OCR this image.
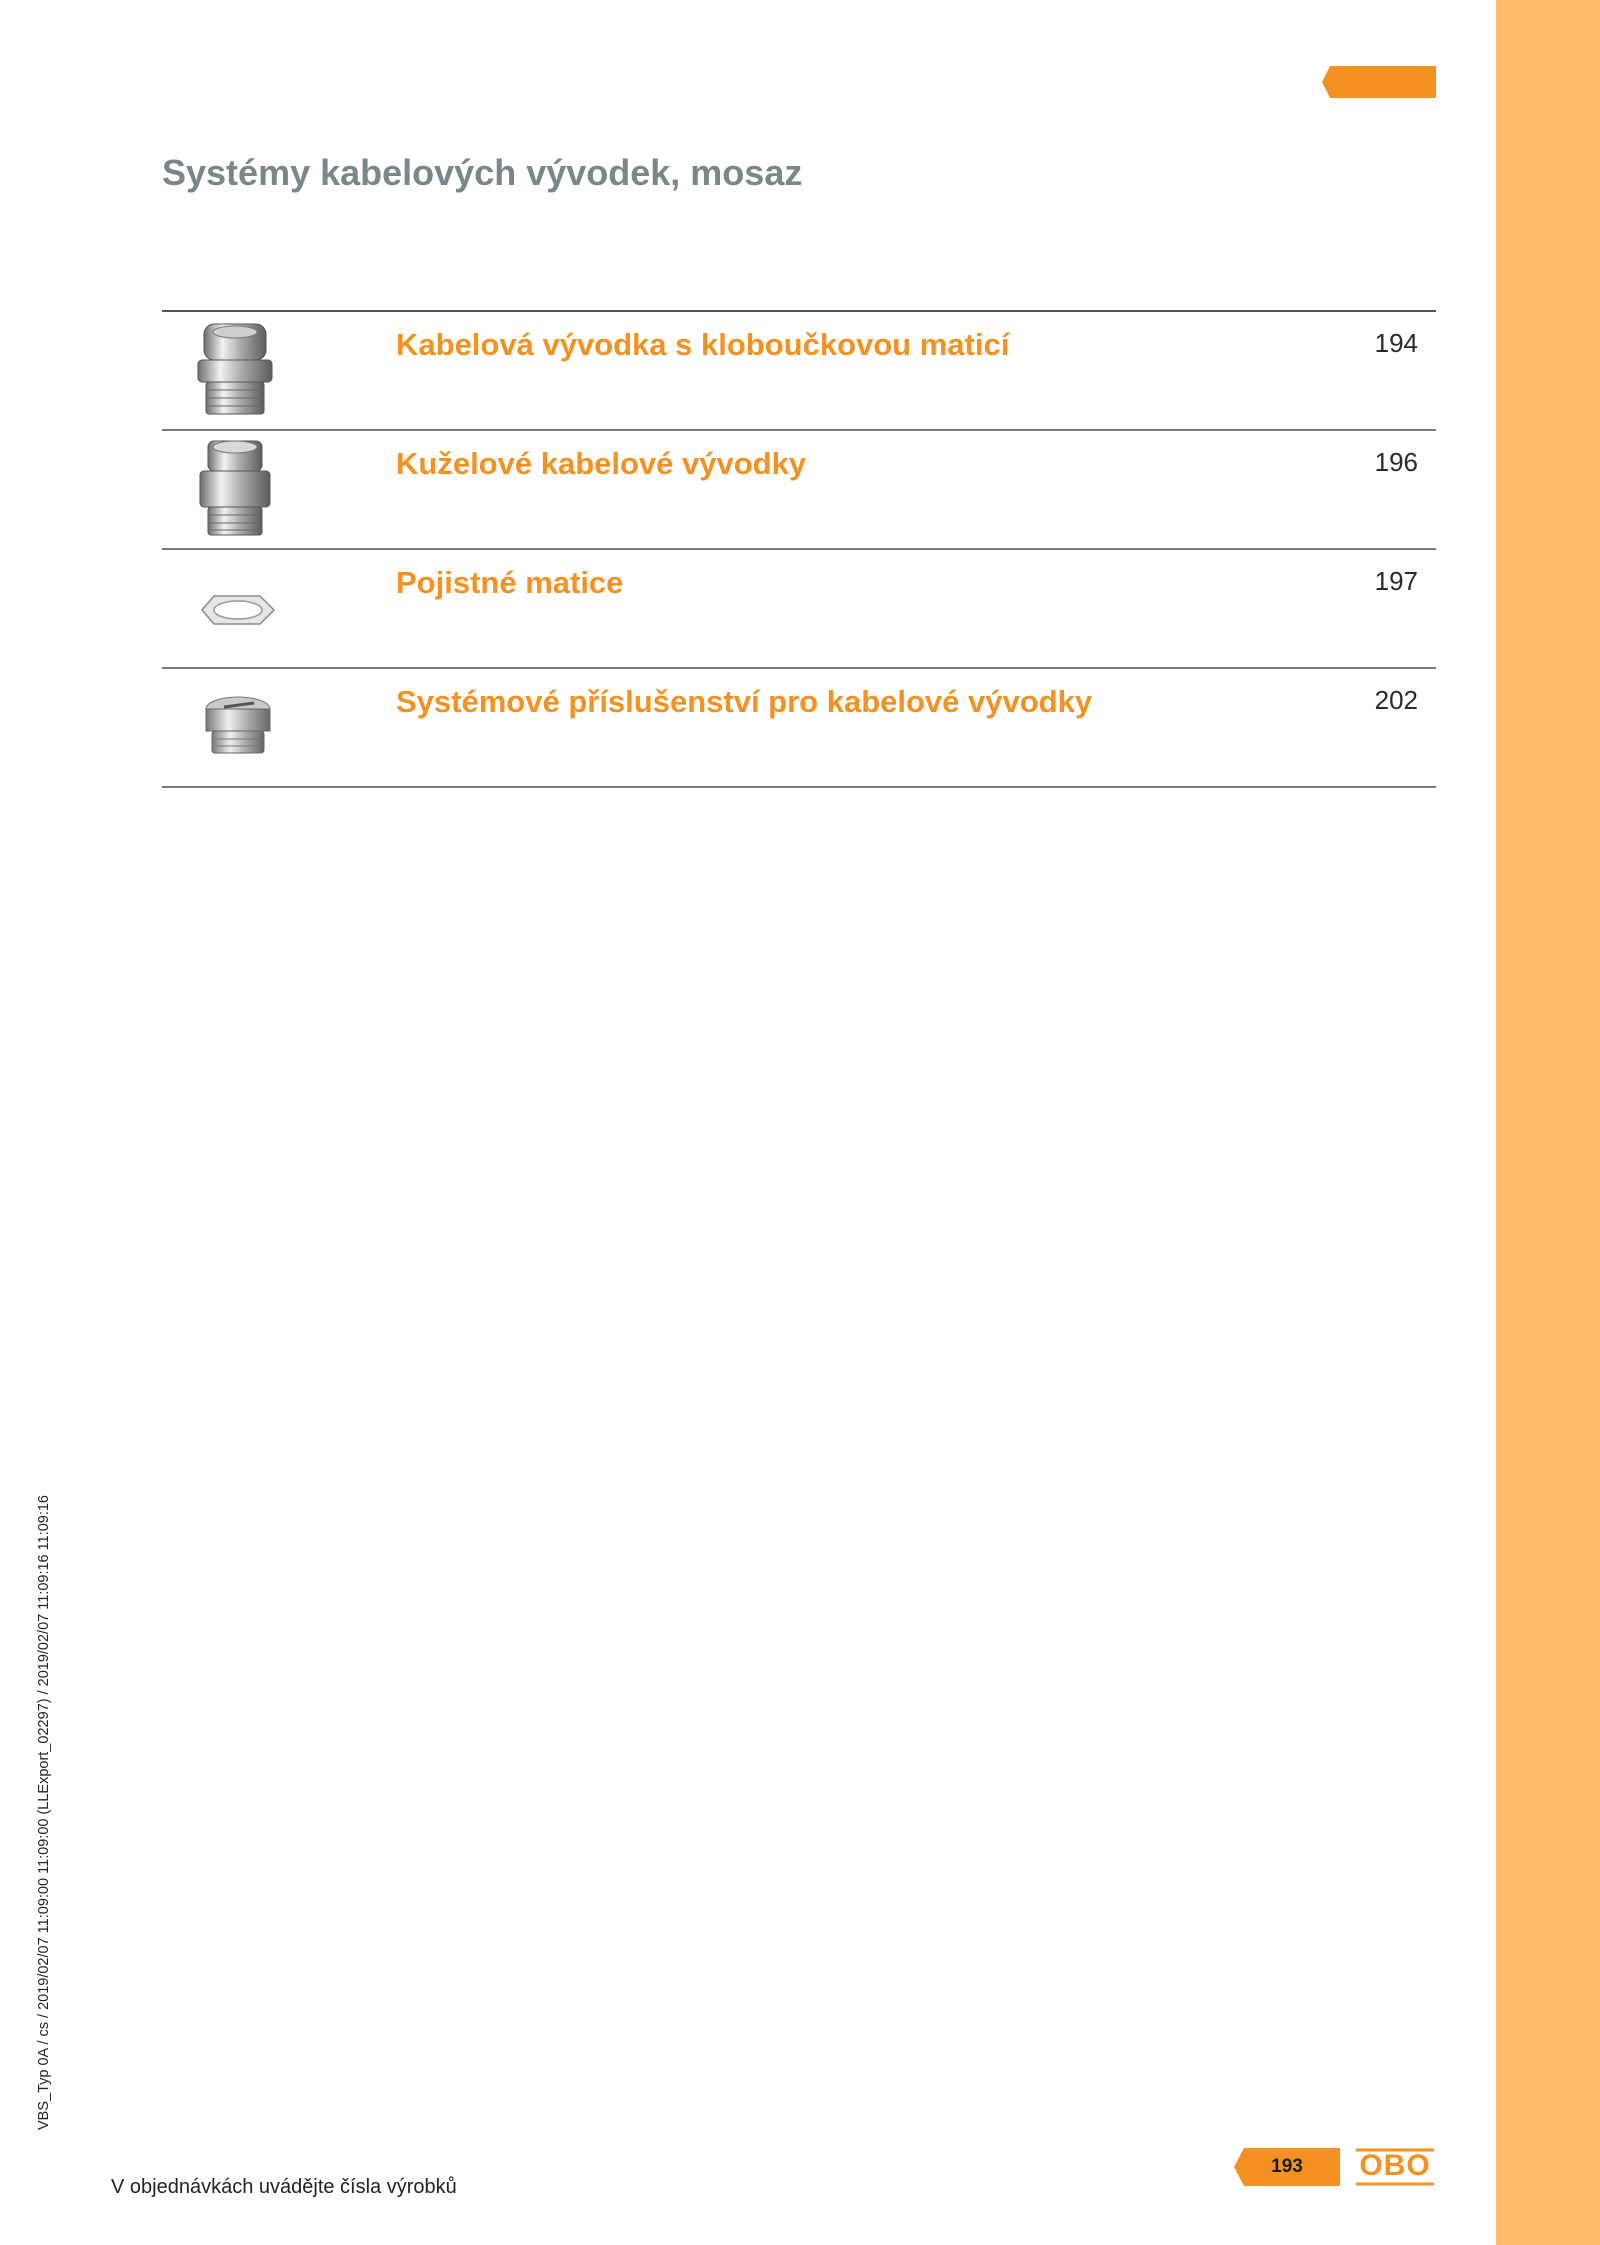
Systémy kabelových vývodek, mosaz
Kabelová vývodka s kloboučkovou maticí	194
Kuželové kabelové vývodky	196
Pojistné matice	197
Systémové příslušenství pro kabelové vývodky	202
VBS_Typ 0A / cs / 2019/02/07 11:09:00 11:09:00 (LLExport_02297) / 2019/02/07 11:09:16 11:09:16
V objednávkách uvádějte čísla výrobků
193	OBO
